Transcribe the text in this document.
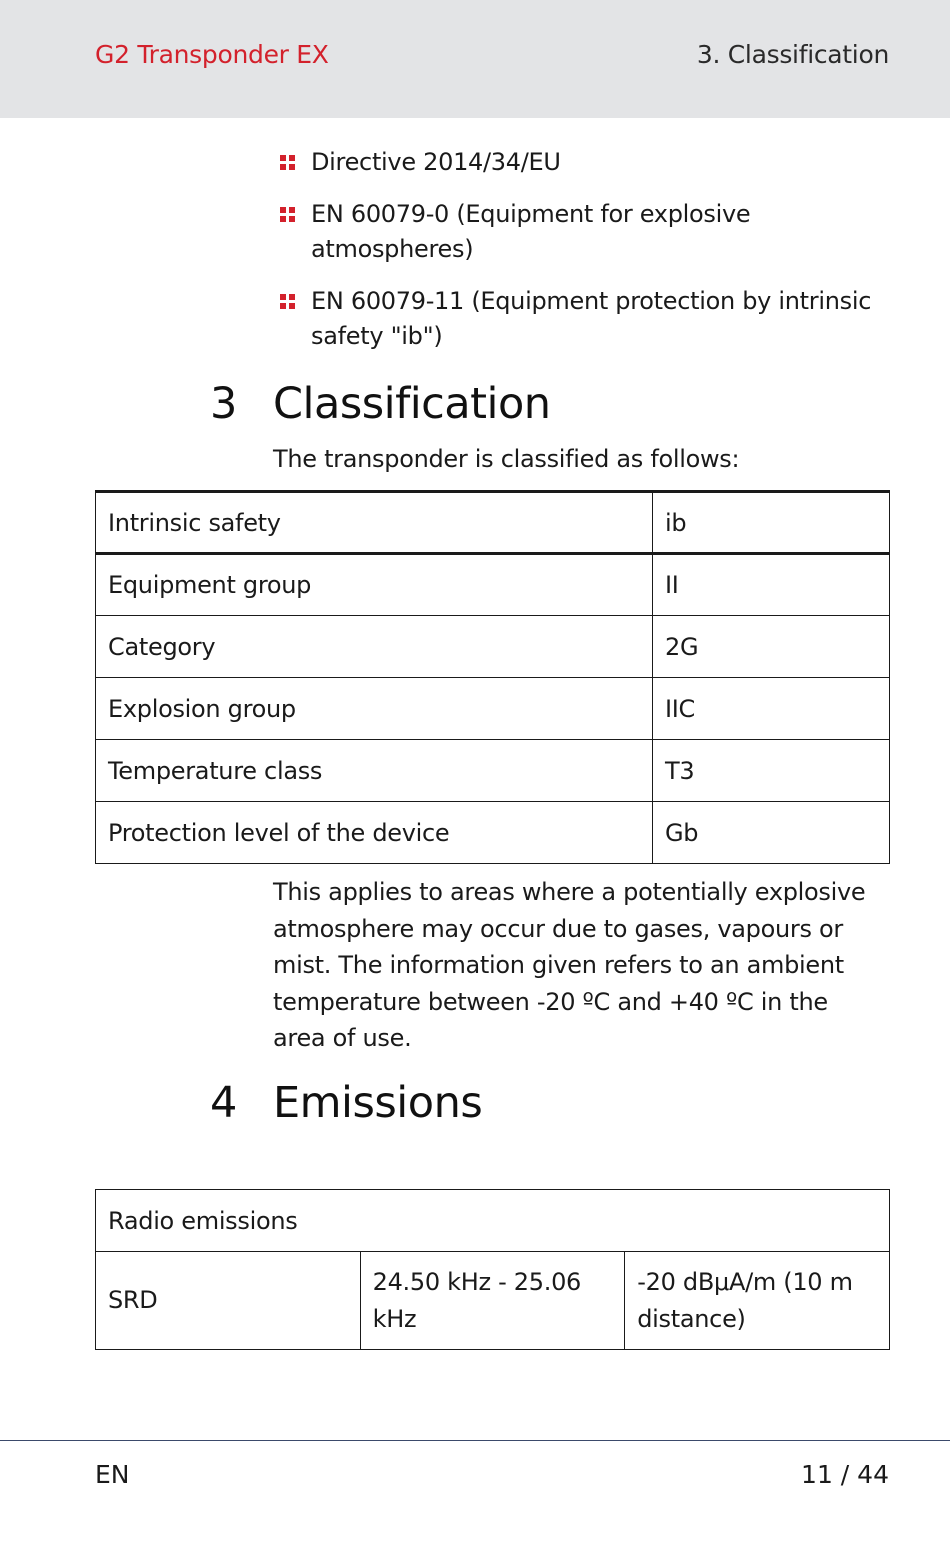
G2 Transponder EX	3. Classification
Directive 2014/34/EU
EN 60079-0 (Equipment for explosive atmospheres)
EN 60079-11 (Equipment protection by intrinsic safety "ib")
3 Classification
The transponder is classified as follows:
Intrinsic safety	ib
Equipment group	II
Category	2G
Explosion group	IIC
Temperature class	T3
Protection level of the device	Gb
This applies to areas where a potentially explosive atmosphere may occur due to gases, vapours or mist. The information given refers to an ambient temperature between -20 ºC and +40 ºC in the area of use.
4 Emissions
Radio emissions
SRD	24.50 kHz - 25.06 kHz	-20 dBμA/m (10 m distance)
EN	11 / 44
